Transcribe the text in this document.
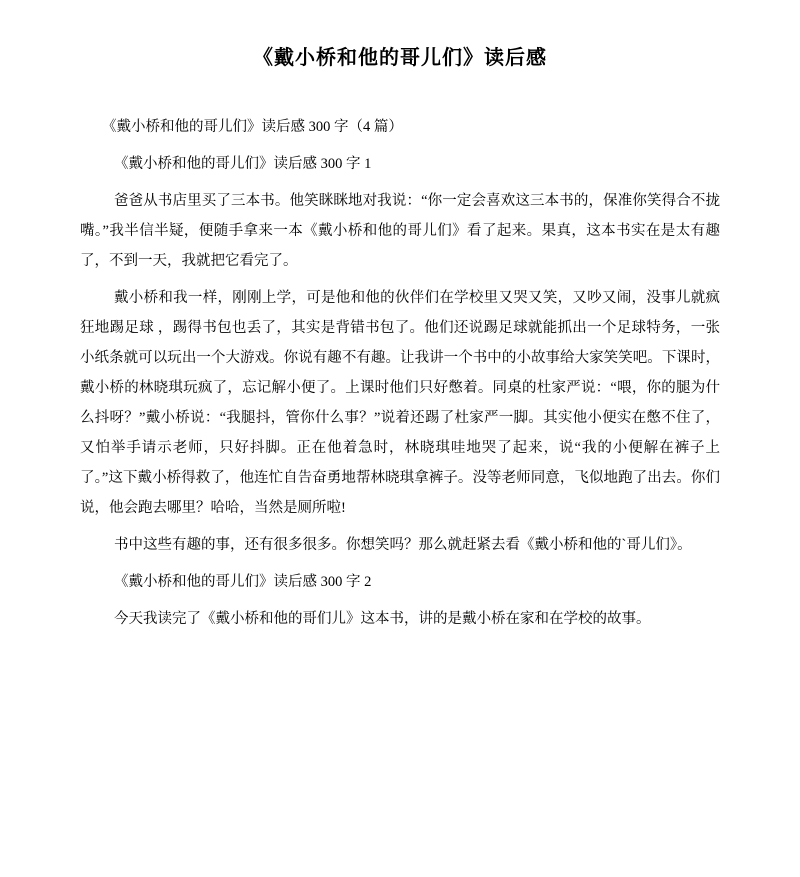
《戴小桥和他的哥儿们》读后感

《戴小桥和他的哥儿们》读后感 300 字（4 篇）

《戴小桥和他的哥儿们》读后感 300 字 1

爸爸从书店里买了三本书。他笑眯眯地对我说：“你一定会喜欢这三本书的，保准你笑得合不拢嘴。”我半信半疑，便随手拿来一本《戴小桥和他的哥儿们》看了起来。果真，这本书实在是太有趣了，不到一天，我就把它看完了。

戴小桥和我一样，刚刚上学，可是他和他的伙伴们在学校里又哭又笑，又吵又闹，没事儿就疯狂地踢足球 ，踢得书包也丢了，其实是背错书包了。他们还说踢足球就能抓出一个足球特务，一张小纸条就可以玩出一个大游戏。你说有趣不有趣。让我讲一个书中的小故事给大家笑笑吧。下课时，戴小桥的林晓琪玩疯了，忘记解小便了。上课时他们只好憋着。同桌的杜家严说：“喂，你的腿为什么抖呀？”戴小桥说：“我腿抖，管你什么事？”说着还踢了杜家严一脚。其实他小便实在憋不住了，又怕举手请示老师，只好抖脚。正在他着急时，林晓琪哇地哭了起来，说“我的小便解在裤子上了。”这下戴小桥得救了，他连忙自告奋勇地帮林晓琪拿裤子。没等老师同意，飞似地跑了出去。你们说，他会跑去哪里？哈哈，当然是厕所啦!

书中这些有趣的事，还有很多很多。你想笑吗？那么就赶紧去看《戴小桥和他的`哥儿们》。

《戴小桥和他的哥儿们》读后感 300 字 2

今天我读完了《戴小桥和他的哥们儿》这本书，讲的是戴小桥在家和在学校的故事。
